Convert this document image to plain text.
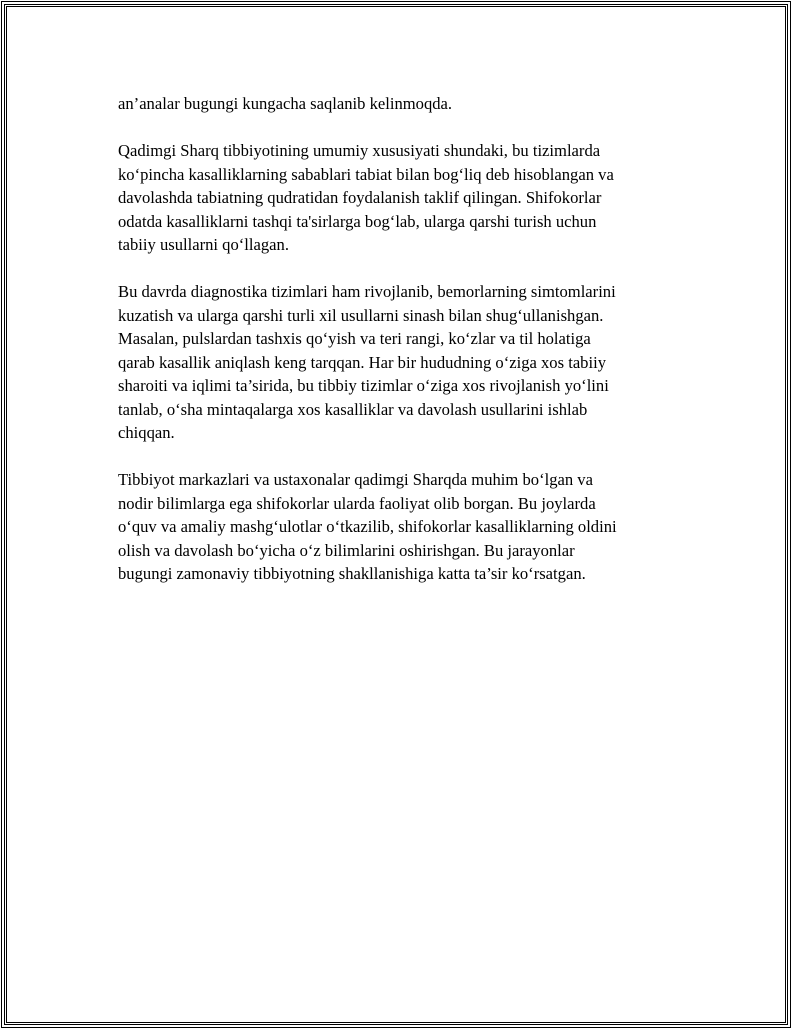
an’analar bugungi kungacha saqlanib kelinmoqda.

Qadimgi Sharq tibbiyotining umumiy xususiyati shundaki, bu tizimlarda
ko‘pincha kasalliklarning sabablari tabiat bilan bog‘liq deb hisoblangan va
davolashda tabiatning qudratidan foydalanish taklif qilingan. Shifokorlar
odatda kasalliklarni tashqi ta'sirlarga bog‘lab, ularga qarshi turish uchun
tabiiy usullarni qo‘llagan.

Bu davrda diagnostika tizimlari ham rivojlanib, bemorlarning simtomlarini
kuzatish va ularga qarshi turli xil usullarni sinash bilan shug‘ullanishgan.
Masalan, pulslardan tashxis qo‘yish va teri rangi, ko‘zlar va til holatiga
qarab kasallik aniqlash keng tarqqan. Har bir hududning o‘ziga xos tabiiy
sharoiti va iqlimi ta’sirida, bu tibbiy tizimlar o‘ziga xos rivojlanish yo‘lini
tanlab, o‘sha mintaqalarga xos kasalliklar va davolash usullarini ishlab
chiqqan.

Tibbiyot markazlari va ustaxonalar qadimgi Sharqda muhim bo‘lgan va
nodir bilimlarga ega shifokorlar ularda faoliyat olib borgan. Bu joylarda
o‘quv va amaliy mashg‘ulotlar o‘tkazilib, shifokorlar kasalliklarning oldini
olish va davolash bo‘yicha o‘z bilimlarini oshirishgan. Bu jarayonlar
bugungi zamonaviy tibbiyotning shakllanishiga katta ta’sir ko‘rsatgan.
